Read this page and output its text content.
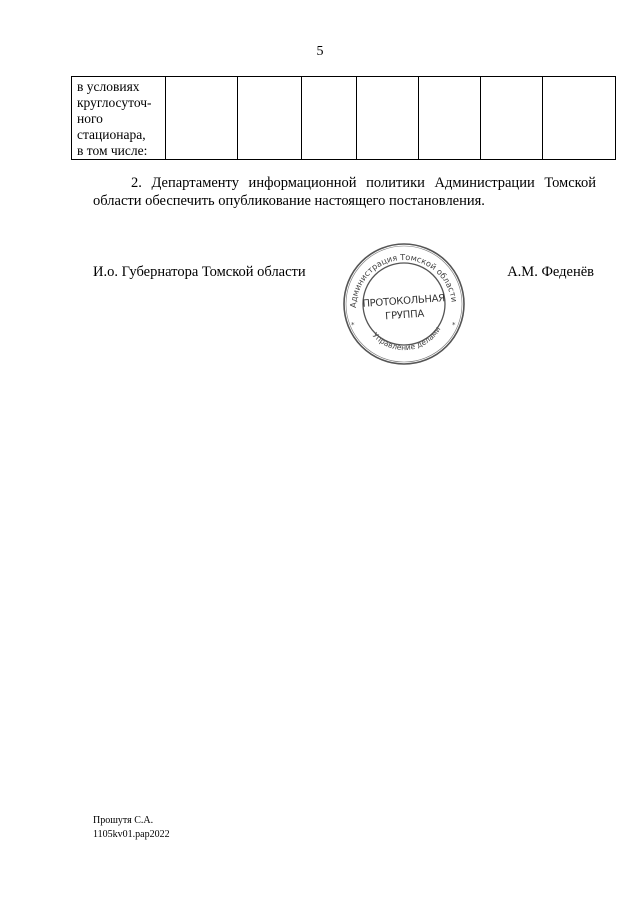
5
в условиях
круглосуточ-
ного
стационара,
в том числе:

2. Департаменту информационной политики Администрации Томской области обеспечить опубликование настоящего постановления.
И.о. Губернатора Томской области
Администрация Томской области
Управление делами
*	*
ПРОТОКОЛЬНАЯ
ГРУППА
А.М. Феденёв
Прошутя С.А.
1105kv01.pap2022
